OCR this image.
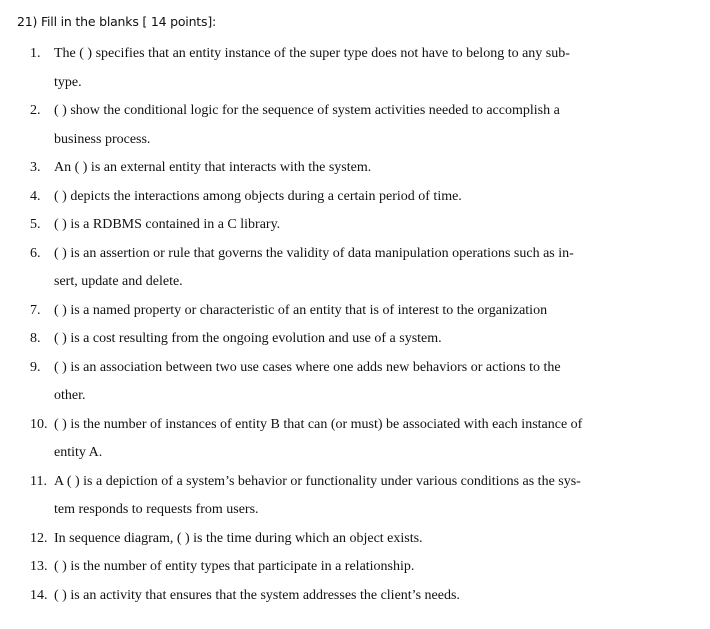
21) Fill in the blanks [ 14 points]:
1. The ( ) specifies that an entity instance of the super type does not have to belong to any sub-
type.
2. ( ) show the conditional logic for the sequence of system activities needed to accomplish a
business process.
3. An ( ) is an external entity that interacts with the system.
4. ( ) depicts the interactions among objects during a certain period of time.
5. ( ) is a RDBMS contained in a C library.
6. ( ) is an assertion or rule that governs the validity of data manipulation operations such as in-
sert, update and delete.
7. ( ) is a named property or characteristic of an entity that is of interest to the organization
8. ( ) is a cost resulting from the ongoing evolution and use of a system.
9. ( ) is an association between two use cases where one adds new behaviors or actions to the
other.
10. ( ) is the number of instances of entity B that can (or must) be associated with each instance of
entity A.
11. A ( ) is a depiction of a system’s behavior or functionality under various conditions as the sys-
tem responds to requests from users.
12. In sequence diagram, ( ) is the time during which an object exists.
13. ( ) is the number of entity types that participate in a relationship.
14. ( ) is an activity that ensures that the system addresses the client’s needs.
